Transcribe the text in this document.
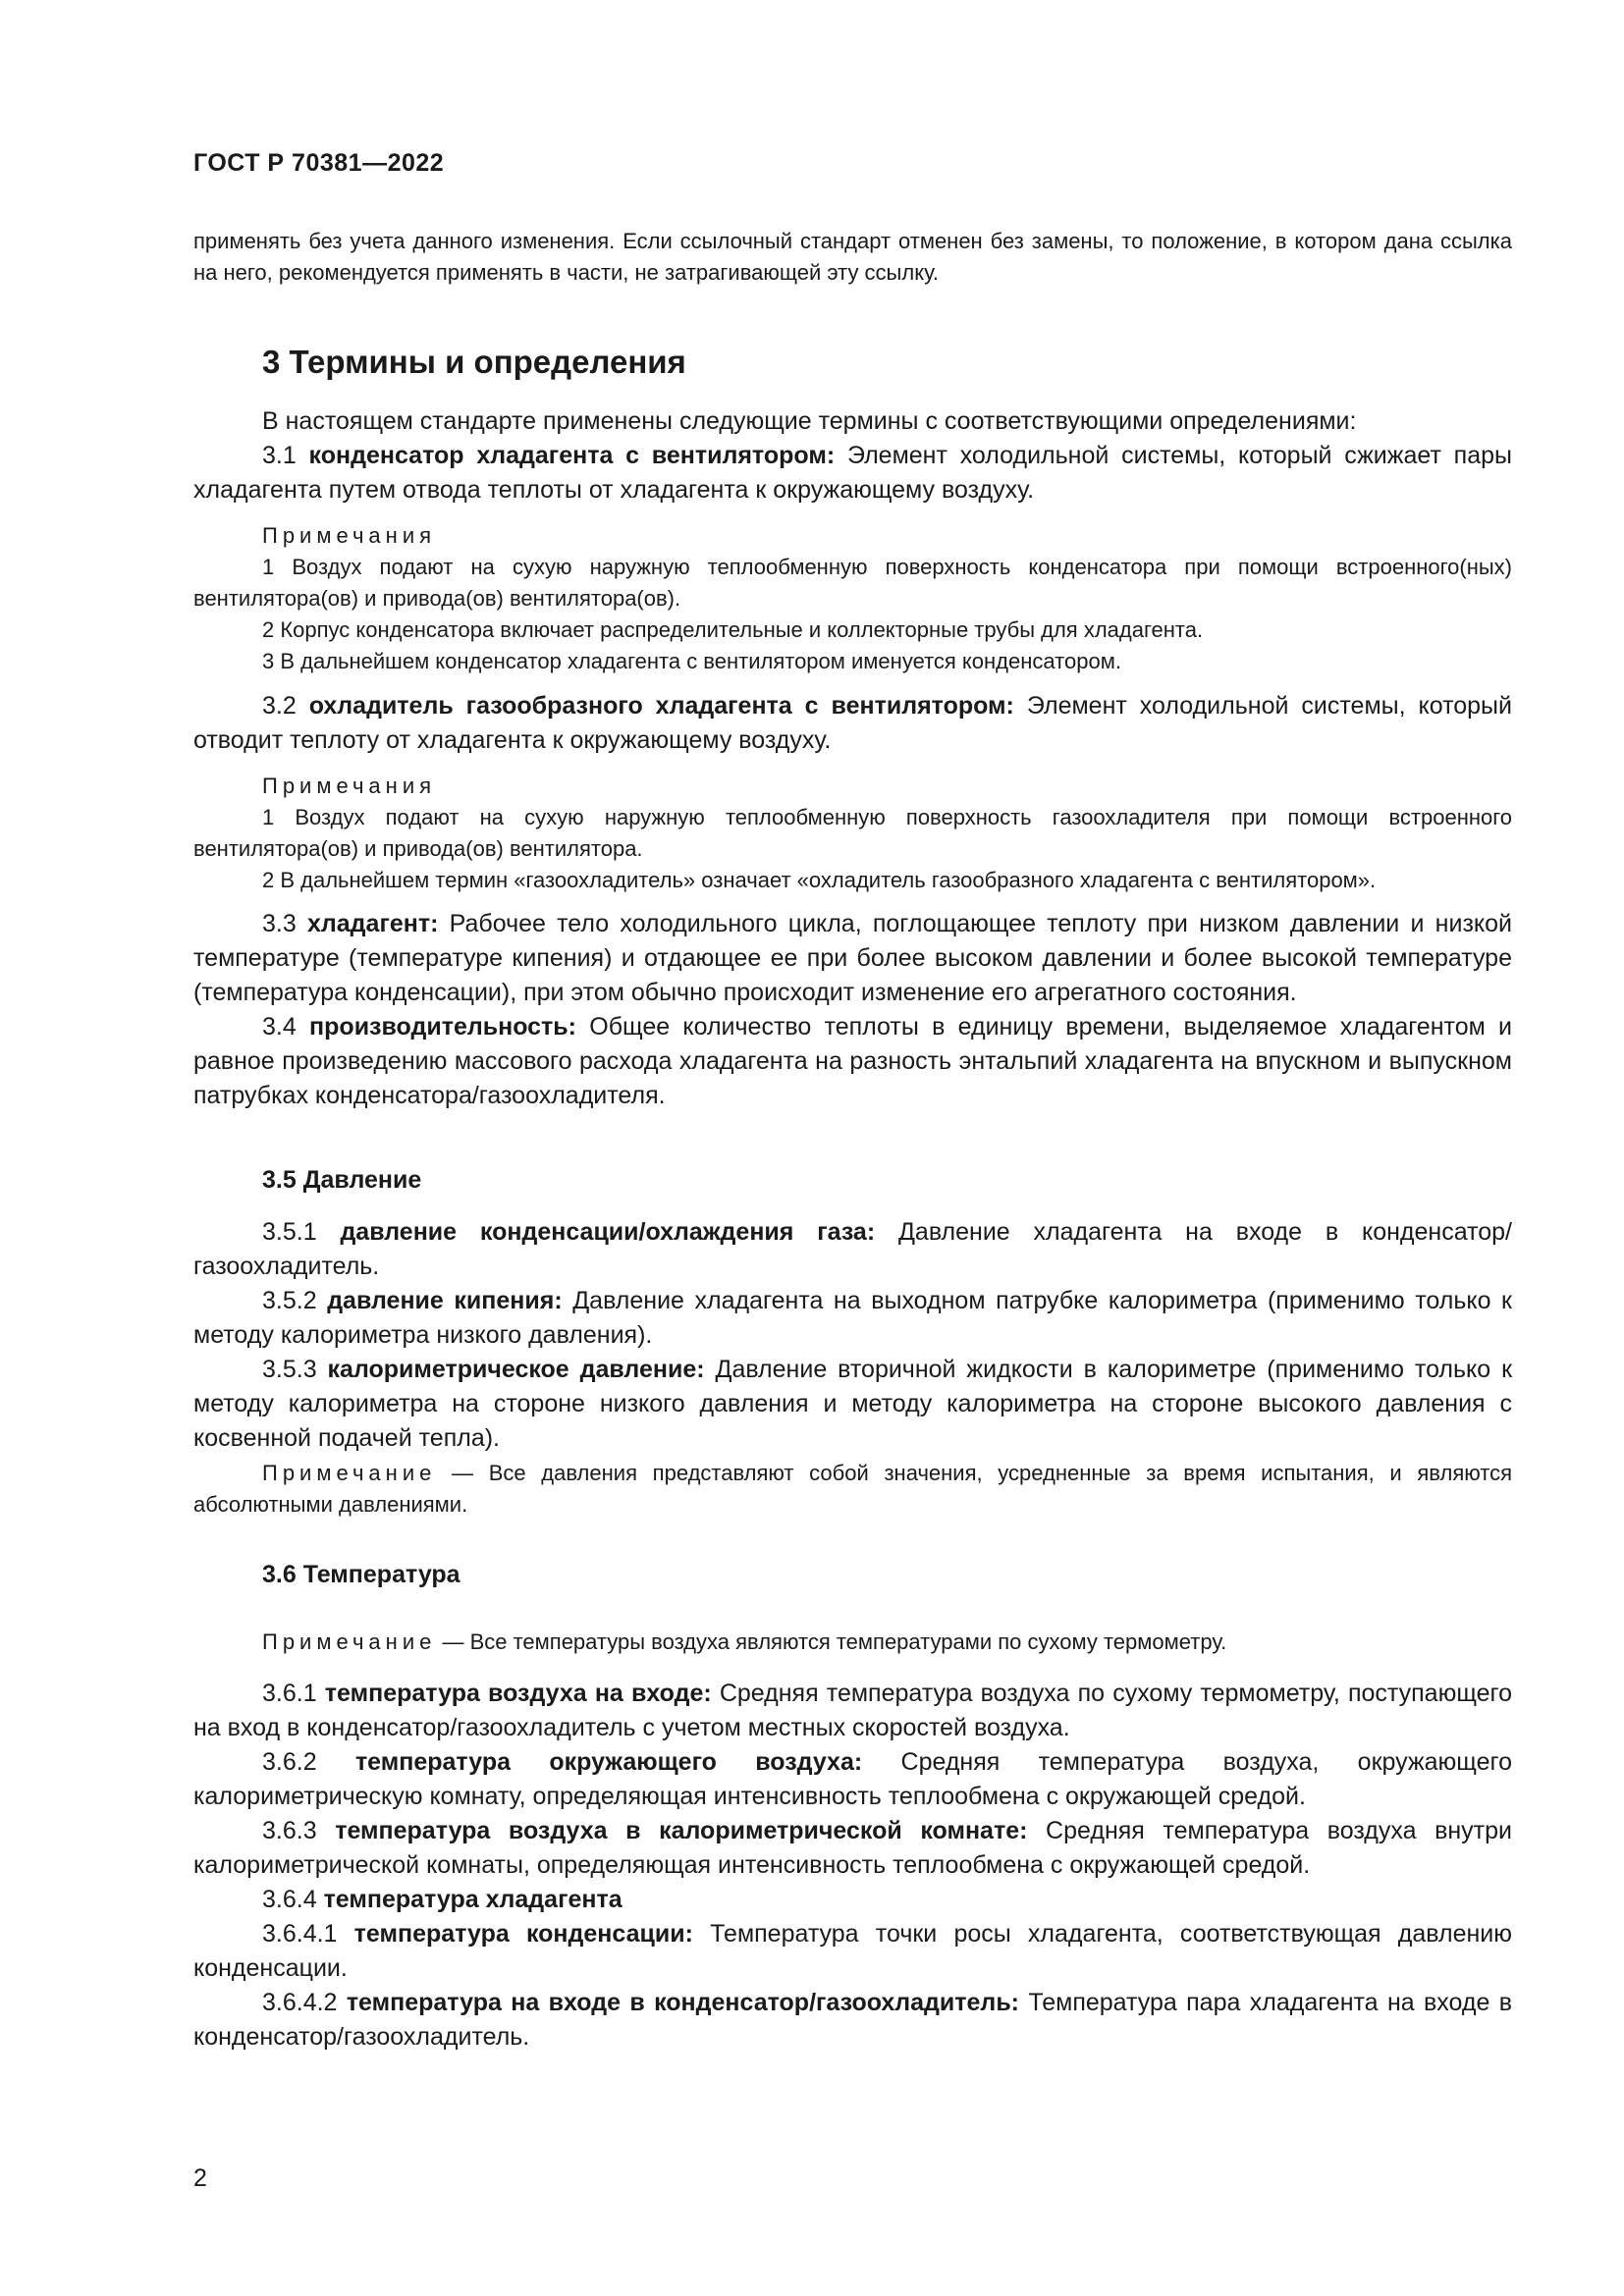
ГОСТ Р 70381—2022

применять без учета данного изменения. Если ссылочный стандарт отменен без замены, то положение, в котором дана ссылка на него, рекомендуется применять в части, не затрагивающей эту ссылку.

3 Термины и определения

В настоящем стандарте применены следующие термины с соответствующими определениями:

3.1 конденсатор хладагента с вентилятором: Элемент холодильной системы, который сжижает пары хладагента путем отвода теплоты от хладагента к окружающему воздуху.

Примечания

1 Воздух подают на сухую наружную теплообменную поверхность конденсатора при помощи встроенного(ных) вентилятора(ов) и привода(ов) вентилятора(ов).

2 Корпус конденсатора включает распределительные и коллекторные трубы для хладагента.

3 В дальнейшем конденсатор хладагента с вентилятором именуется конденсатором.

3.2 охладитель газообразного хладагента с вентилятором: Элемент холодильной системы, который отводит теплоту от хладагента к окружающему воздуху.

Примечания

1 Воздух подают на сухую наружную теплообменную поверхность газоохладителя при помощи встроенного вентилятора(ов) и привода(ов) вентилятора.

2 В дальнейшем термин «газоохладитель» означает «охладитель газообразного хладагента с вентилятором».

3.3 хладагент: Рабочее тело холодильного цикла, поглощающее теплоту при низком давлении и низкой температуре (температуре кипения) и отдающее ее при более высоком давлении и более высокой температуре (температура конденсации), при этом обычно происходит изменение его агрегатного состояния.

3.4 производительность: Общее количество теплоты в единицу времени, выделяемое хладагентом и равное произведению массового расхода хладагента на разность энтальпий хладагента на впускном и выпускном патрубках конденсатора/газоохладителя.

3.5 Давление

3.5.1 давление конденсации/охлаждения газа: Давление хладагента на входе в конденсатор/газоохладитель.

3.5.2 давление кипения: Давление хладагента на выходном патрубке калориметра (применимо только к методу калориметра низкого давления).

3.5.3 калориметрическое давление: Давление вторичной жидкости в калориметре (применимо только к методу калориметра на стороне низкого давления и методу калориметра на стороне высокого давления с косвенной подачей тепла).

Примечание — Все давления представляют собой значения, усредненные за время испытания, и являются абсолютными давлениями.

3.6 Температура

Примечание — Все температуры воздуха являются температурами по сухому термометру.

3.6.1 температура воздуха на входе: Средняя температура воздуха по сухому термометру, поступающего на вход в конденсатор/газоохладитель с учетом местных скоростей воздуха.

3.6.2 температура окружающего воздуха: Средняя температура воздуха, окружающего калориметрическую комнату, определяющая интенсивность теплообмена с окружающей средой.

3.6.3 температура воздуха в калориметрической комнате: Средняя температура воздуха внутри калориметрической комнаты, определяющая интенсивность теплообмена с окружающей средой.

3.6.4 температура хладагента

3.6.4.1 температура конденсации: Температура точки росы хладагента, соответствующая давлению конденсации.

3.6.4.2 температура на входе в конденсатор/газоохладитель: Температура пара хладагента на входе в конденсатор/газоохладитель.

2
